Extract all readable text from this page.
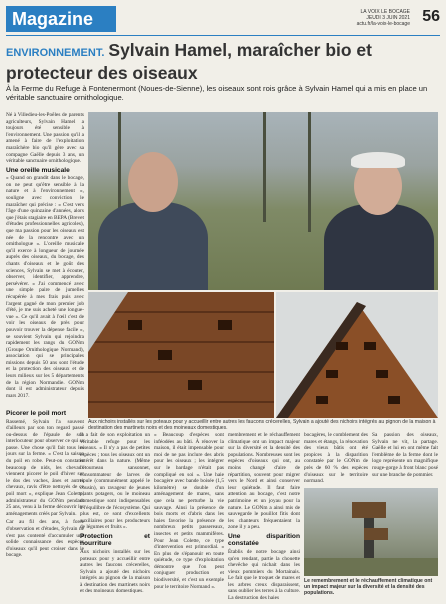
Magazine	LA VOIX LE BOCAGE
JEUDI 3 JUIN 2021
actu.fr/la-voix-le-bocage 56
ENVIRONNEMENT. Sylvain Hamel, maraîcher bio et protecteur des oiseaux
À la Ferme du Refuge à Fontenermont (Noues-de-Sienne), les oiseaux sont rois grâce à Sylvain Hamel qui a mis en place un véritable sanctuaire ornithologique.

Né à Villedieu-les-Poêles de parents agriculteurs, Sylvain Hamel a toujours été sensible à l'environnement. Une passion qu'il a amené à faire de l'exploitation maraîchère bio qu'il gère avec sa compagne Gaëlle depuis 3 ans, un véritable sanctuaire ornithologique.

Une oreille musicale

« Quand on grandit dans le bocage, on ne peut qu'être sensible à la nature et à l'environnement », souligne avec conviction le maraîcher qui précise : « C'est vers l'âge d'une quinzaine d'années, alors que j'étais stagiaire en BEPA (Brevet d'études professionnelles agricoles), que ma passion pour les oiseaux est née de la rencontre avec un ornithologue ». L'oreille musicale qu'il exerce à longueur de journée auprès des oiseaux, du bocage, des chants d'oiseaux et le goût des sciences, Sylvain se met à écouter, observer, identifier, apprendre, persévérer. « J'ai commencé avec une simple paire de jumelles récupérée à mes frais puis avec l'argent gagné de mon premier job d'été, je me suis acheté une longue-vue ». Ce qu'il avait à l'œil c'est de voir les oiseaux de près pour pouvoir trouver la dépense facile », se souvient Sylvain qui rejoindra rapidement les rangs du GONm (Groupe Ornithologique Normand), association qui se principales missions depuis 50 ans sont l'étude et la protection des oiseaux et de leurs milieux sur les 5 départements de la région Normandie. GONm dont il est administrateur depuis mars 2017.

Aux nichoirs installés sur les poteaux pour y accueillir entre autres les faucons crécerelles, Sylvain a ajouté des nichoirs intégrés au pignon de la maison à destination des martinets noirs et des moineaux domestiques.
Picorer le poil mort

Rassemé, Sylvain l'a souvent d'ailleurs par son ton regard passé ou-dessus de l'épaule de son interlocuteur pour observer ce qui se passe. Une chose qu'il fait tous les jours sur la ferme. « C'est la saison du poil en robe. Peut-on constater beaucoup de nids, les chevaux viennent picorer le poil d'hiver sur le dos des vaches, ânes et autres chevaux, ravis d'être nettoyés de ce poil mort », explique Jean Colette, administrateur du GONm pendant 25 ans, venu à la ferme découvrir les aménagements créés par Sylvain.

Car au fil des ans, à force d'observation et d'études, Sylvain ne s'est pas contenté d'accumuler une solide connaissance des espèces d'oiseaux qu'il peut croiser dans le bocage.

Il a fait de son exploitation un véritable refuge pour les oiseaux. « Il n'y a pas de petites espèces ; tous les oiseaux ont un intérêt dans la nature. (Même l'étourneau sansonnet, consommateur de larves de tipule (communément appelé le cousin), un ravageur de jeunes plants potagers, ou le moineau domestique sont indispensables à l'équilibre de l'écosystème. Qui plus est, ce sont d'excellents auxiliaires pour les producteurs de légumes et fruits ».

Protection et nourriture

Aux nichoirs installés sur les poteaux pour y accueillir entre autres les faucons crécerelles, Sylvain a ajouté des nichoirs intégrés au pignon de la maison à destination des martinets noirs et des moineaux domestiques.

« Beaucoup d'espèces sont inféodées au bâti. À rénover la maison, il était impensable pour moi de ne pas inclure des abris pour les oiseaux ; les intégrer sur le bardage n'était pas compliqué en soi ». Une haie bocagère avec bande boisée (1,5 kilomètre) se double d'un aménagement de mares, sans que cela ne perturbe la vie sauvage. Ainsi la présence de bois morts et d'abris dans les haies favorise la présence de nombreux petits passereaux, insectes et petits mammifères. Pour Jean Colette, ce type d'intervention est primordial. « En plus de s'épanouir en toute quiétude, ce type d'exploitation démontre que l'on peut conjuguer production et biodiversité, et c'est un exemple pour le territoire Normand ».

membrement et le réchauffement climatique ont un impact majeur sur la diversité et la densité des populations. Nombreuses sont les espèces d'oiseaux qui ont, au moins changé d'aire de répartition, souvent pour migrer vers le Nord et ainsi conserver leur quiétude. Il faut faire attention au bocage, c'est notre patrimoine et un joyau pour la nature. Le GONm a ainsi mis de sauvegarde le pouillot fitis dont les chanteurs fréquentaient la zone il y a peu.

Une disparition constatée

Établis de notre bocage ainsi qu'en rendant, partie la chouette chevêche qui nichait dans les vieux pommiers du Mortainais. Le fait que le troquet de mares et les arbres creux disparaissent, sans oublier les terres à la culture. La destruction des haies

bocagères, le comblement des mares et étangs, la rénovation des vieux bâtis ont été propices à la disparition constatée par le GONm de près de 60 % des espèces d'oiseaux sur le territoire normand.

Sa passion des oiseaux, Sylvain ne vit, la partage. Gaëlle et lui en ont même fait l'emblème de la ferme dont le logo représente un magnifique rouge-gorge à front blanc posé sur une branche de pommier.

Le remembrement et le réchauffement climatique ont un impact majeur sur la diversité et la densité des populations.
